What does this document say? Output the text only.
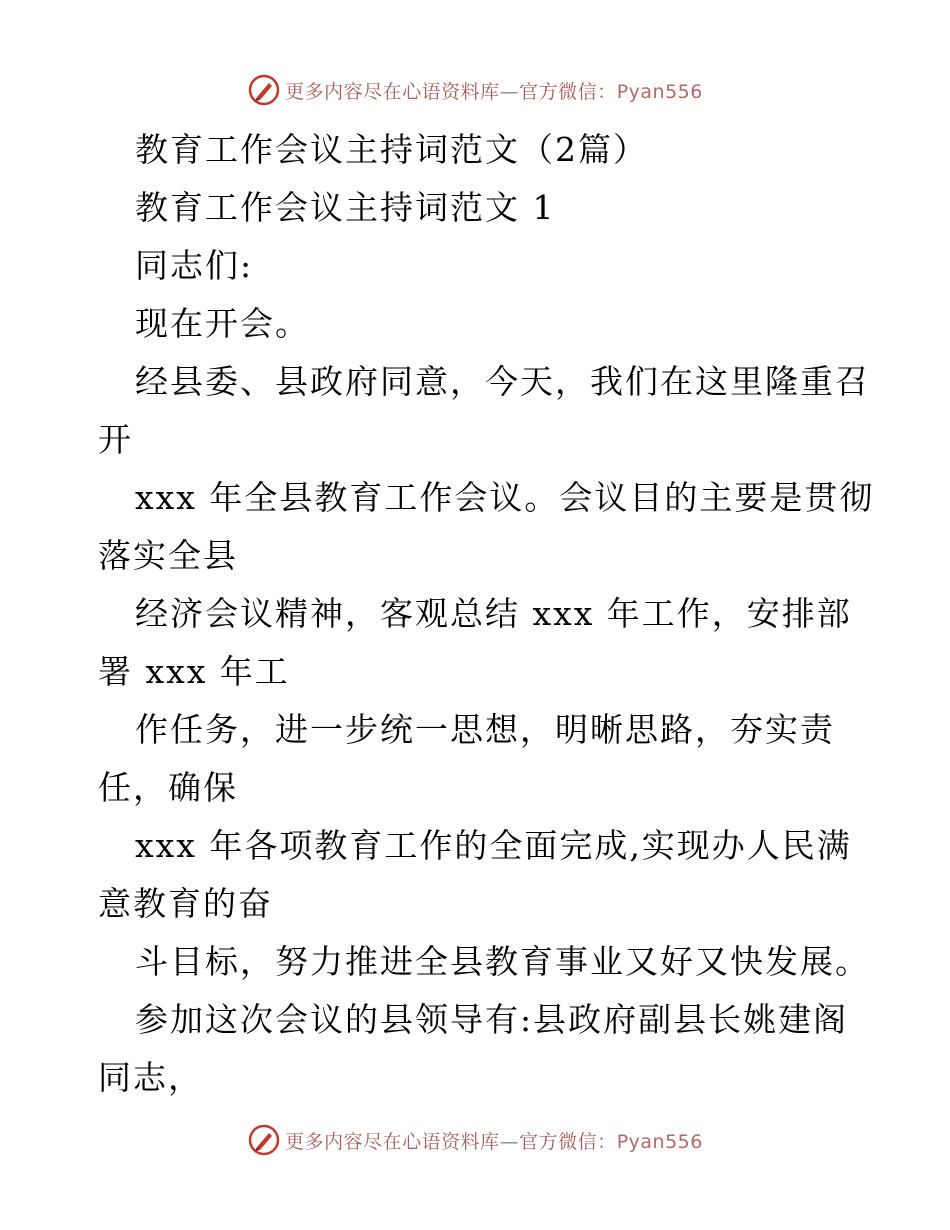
更多内容尽在心语资料库—官方微信：Pyan556
教育工作会议主持词范文（2篇）
教育工作会议主持词范文 1
同志们:
现在开会。
经县委、县政府同意，今天，我们在这里隆重召
开
xxx 年全县教育工作会议。会议目的主要是贯彻
落实全县
经济会议精神，客观总结 xxx 年工作，安排部
署 xxx 年工
作任务，进一步统一思想，明晰思路，夯实责
任，确保
xxx 年各项教育工作的全面完成,实现办人民满
意教育的奋
斗目标，努力推进全县教育事业又好又快发展。
参加这次会议的县领导有:县政府副县长姚建阁
同志，
更多内容尽在心语资料库—官方微信：Pyan556
